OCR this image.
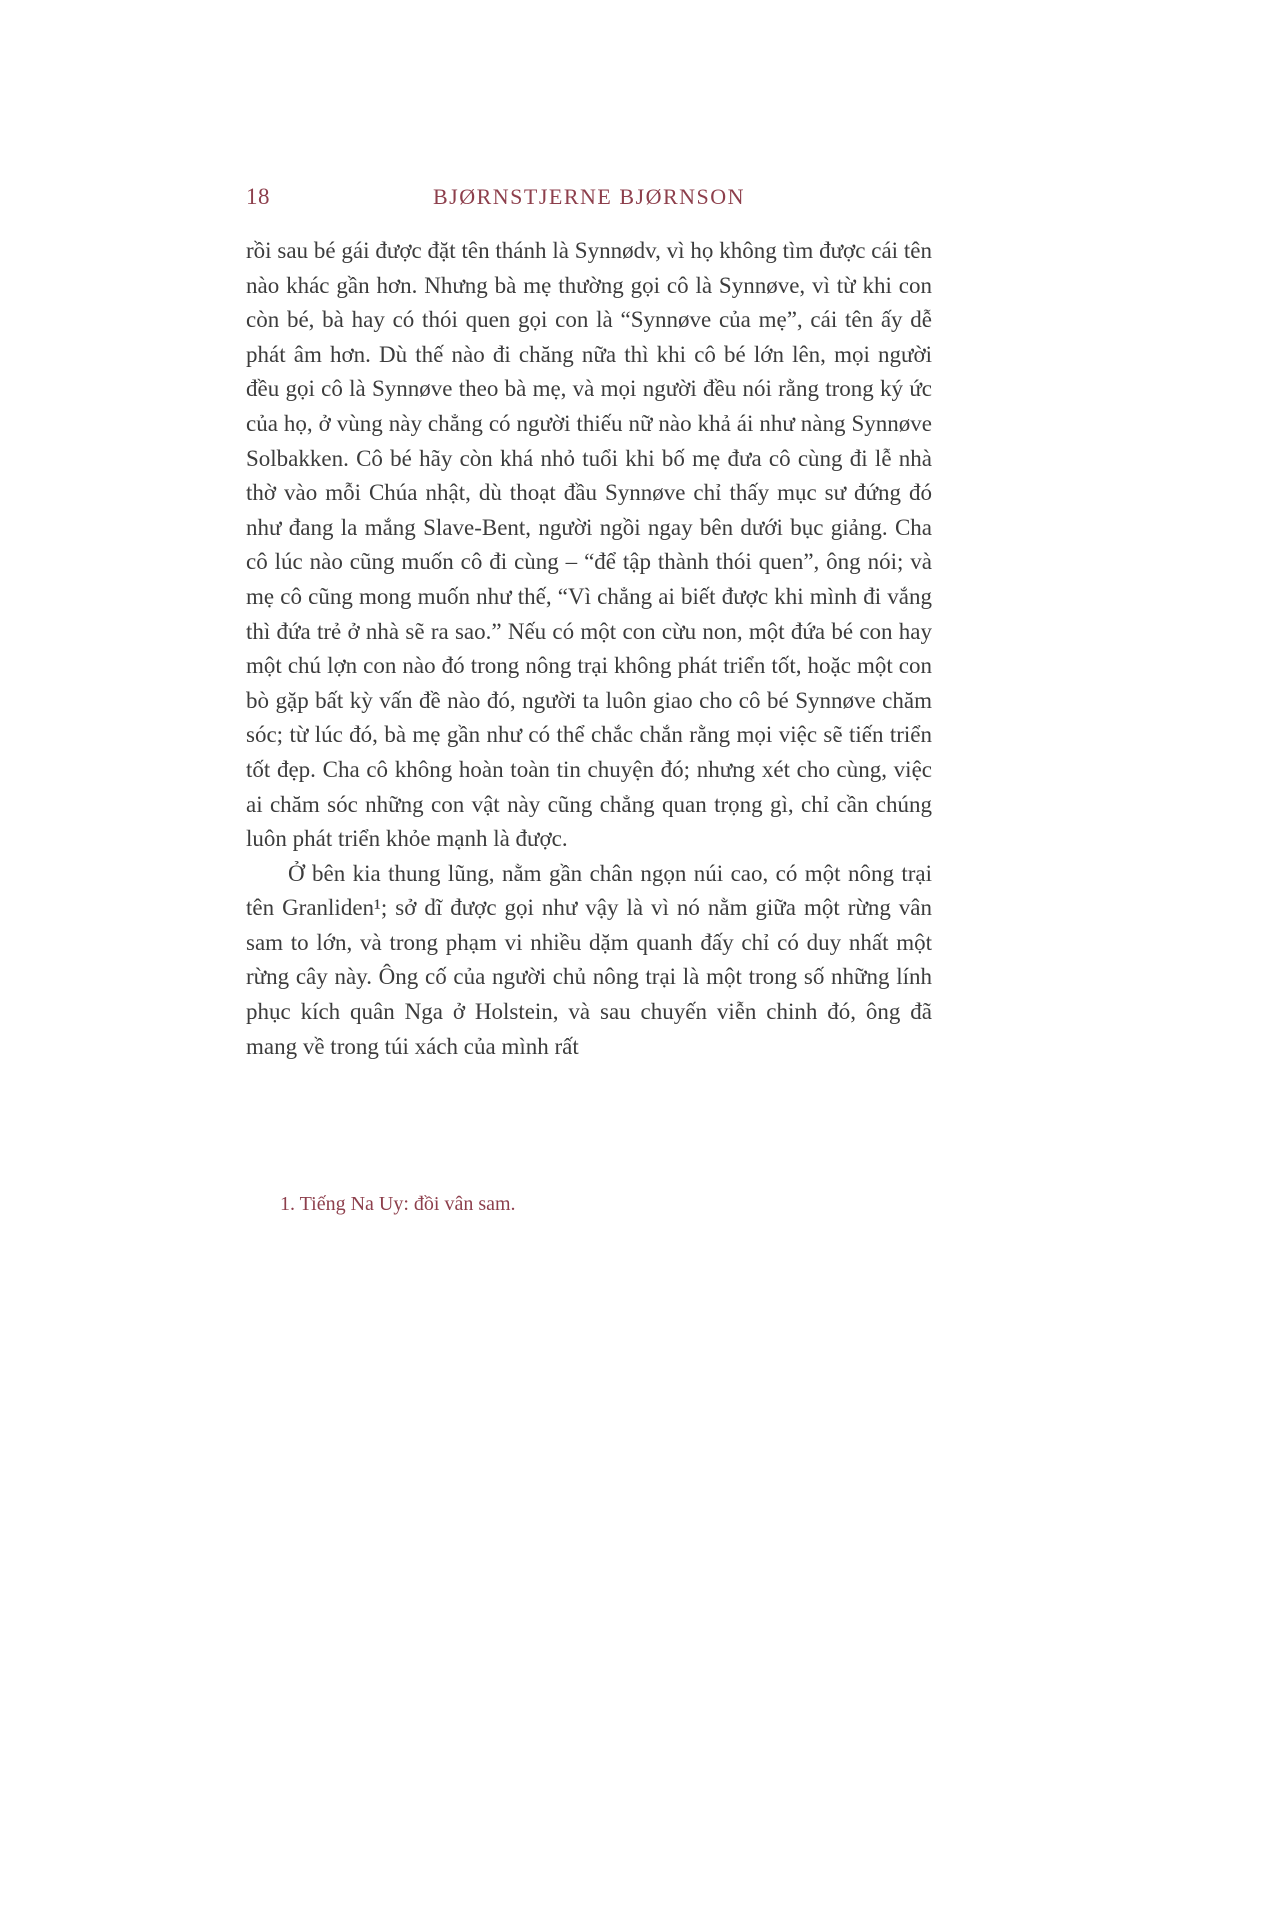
18	BJØRNSTJERNE BJØRNSON

rồi sau bé gái được đặt tên thánh là Synnødv, vì họ không tìm được cái tên nào khác gần hơn. Nhưng bà mẹ thường gọi cô là Synnøve, vì từ khi con còn bé, bà hay có thói quen gọi con là “Synnøve của mẹ”, cái tên ấy dễ phát âm hơn. Dù thế nào đi chăng nữa thì khi cô bé lớn lên, mọi người đều gọi cô là Synnøve theo bà mẹ, và mọi người đều nói rằng trong ký ức của họ, ở vùng này chẳng có người thiếu nữ nào khả ái như nàng Synnøve Solbakken. Cô bé hãy còn khá nhỏ tuổi khi bố mẹ đưa cô cùng đi lễ nhà thờ vào mỗi Chúa nhật, dù thoạt đầu Synnøve chỉ thấy mục sư đứng đó như đang la mắng Slave-Bent, người ngồi ngay bên dưới bục giảng. Cha cô lúc nào cũng muốn cô đi cùng – “để tập thành thói quen”, ông nói; và mẹ cô cũng mong muốn như thế, “Vì chẳng ai biết được khi mình đi vắng thì đứa trẻ ở nhà sẽ ra sao.” Nếu có một con cừu non, một đứa bé con hay một chú lợn con nào đó trong nông trại không phát triển tốt, hoặc một con bò gặp bất kỳ vấn đề nào đó, người ta luôn giao cho cô bé Synnøve chăm sóc; từ lúc đó, bà mẹ gần như có thể chắc chắn rằng mọi việc sẽ tiến triển tốt đẹp. Cha cô không hoàn toàn tin chuyện đó; nhưng xét cho cùng, việc ai chăm sóc những con vật này cũng chẳng quan trọng gì, chỉ cần chúng luôn phát triển khỏe mạnh là được.

Ở bên kia thung lũng, nằm gần chân ngọn núi cao, có một nông trại tên Granliden¹; sở dĩ được gọi như vậy là vì nó nằm giữa một rừng vân sam to lớn, và trong phạm vi nhiều dặm quanh đấy chỉ có duy nhất một rừng cây này. Ông cố của người chủ nông trại là một trong số những lính phục kích quân Nga ở Holstein, và sau chuyến viễn chinh đó, ông đã mang về trong túi xách của mình rất

1. Tiếng Na Uy: đồi vân sam.
